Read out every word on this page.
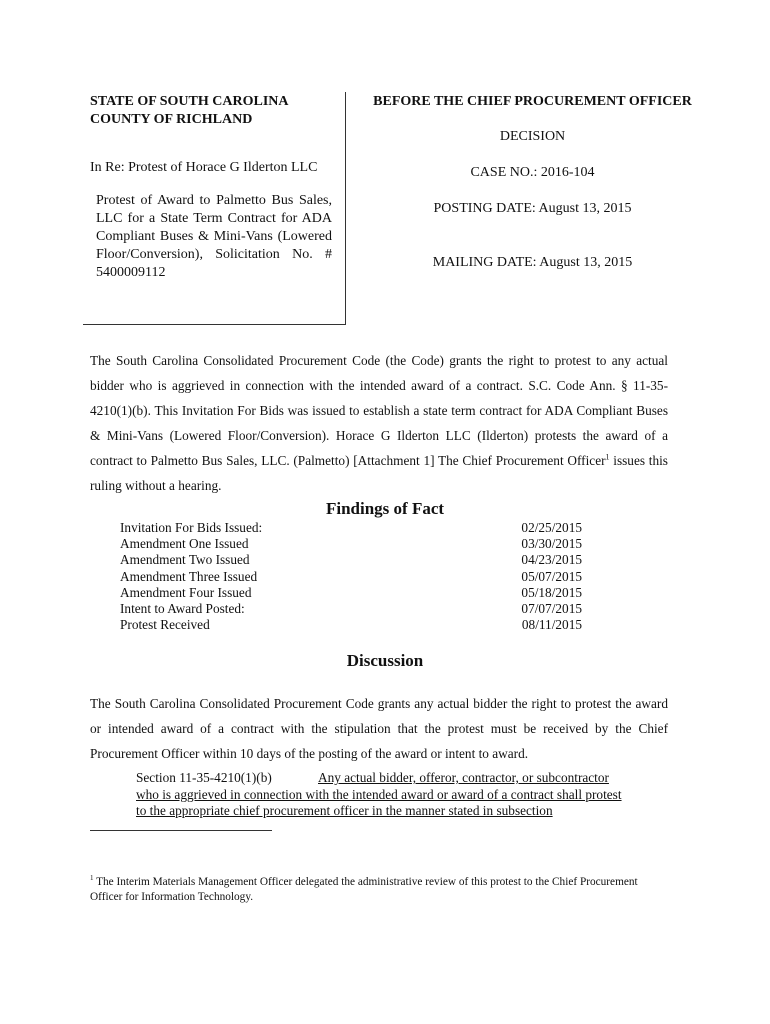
STATE OF SOUTH CAROLINA
COUNTY OF RICHLAND
In Re: Protest of Horace G Ilderton LLC
Protest of Award to Palmetto Bus Sales, LLC for a State Term Contract for ADA Compliant Buses & Mini-Vans (Lowered Floor/Conversion), Solicitation No. # 5400009112
BEFORE THE CHIEF PROCUREMENT OFFICER
DECISION
CASE NO.: 2016-104
POSTING DATE: August 13, 2015
MAILING DATE: August 13, 2015
The South Carolina Consolidated Procurement Code (the Code) grants the right to protest to any actual bidder who is aggrieved in connection with the intended award of a contract. S.C. Code Ann. § 11-35-4210(1)(b). This Invitation For Bids was issued to establish a state term contract for ADA Compliant Buses & Mini-Vans (Lowered Floor/Conversion). Horace G Ilderton LLC (Ilderton) protests the award of a contract to Palmetto Bus Sales, LLC. (Palmetto) [Attachment 1] The Chief Procurement Officer$^1$ issues this ruling without a hearing.
Findings of Fact
Invitation For Bids Issued:	02/25/2015
Amendment One Issued	03/30/2015
Amendment Two Issued	04/23/2015
Amendment Three Issued	05/07/2015
Amendment Four Issued	05/18/2015
Intent to Award Posted:	07/07/2015
Protest Received	08/11/2015
Discussion
The South Carolina Consolidated Procurement Code grants any actual bidder the right to protest the award or intended award of a contract with the stipulation that the protest must be received by the Chief Procurement Officer within 10 days of the posting of the award or intent to award.
Section 11-35-4210(1)(b)	Any actual bidder, offeror, contractor, or subcontractor who is aggrieved in connection with the intended award or award of a contract shall protest to the appropriate chief procurement officer in the manner stated in subsection
$^1$ The Interim Materials Management Officer delegated the administrative review of this protest to the Chief Procurement Officer for Information Technology.
